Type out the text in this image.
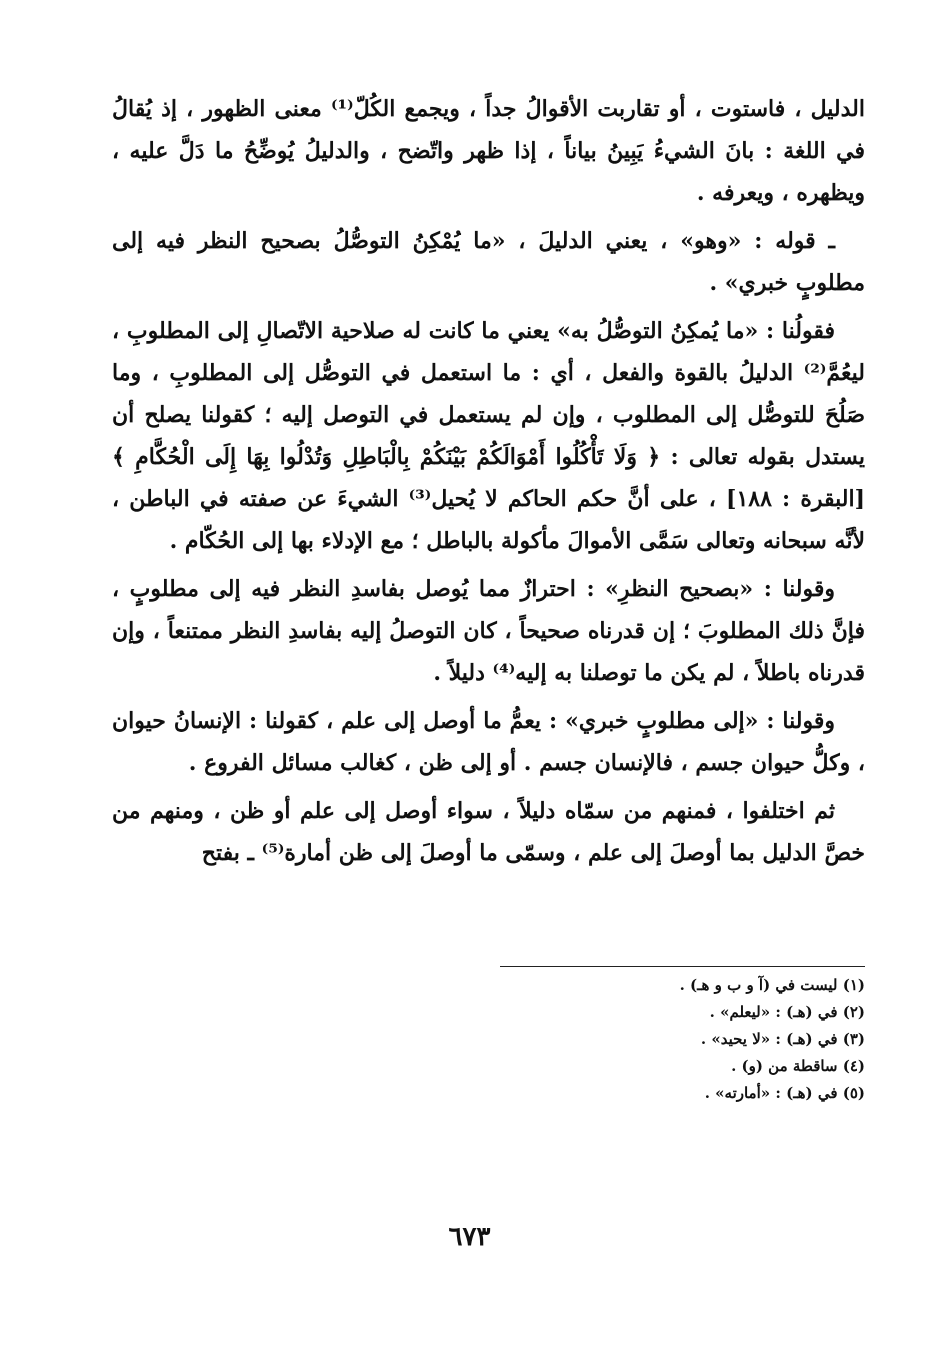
الدليل ، فاستوت ، أو تقاربت الأقوالُ جداً ، ويجمع الكُلّ⁽¹⁾ معنى الظهور ، إذ يُقالُ في اللغة : بانَ الشيءُ يَبِينُ بياناً ، إذا ظهر واتّضح ، والدليلُ يُوضِّحُ ما دَلَّ عليه ، ويظهره ، ويعرفه .

ـ قوله : «وهو» ، يعني الدليلَ ، «ما يُمْكِنُ التوصُّلُ بصحيح النظر فيه إلى مطلوبٍ خبري» .

فقولُنا : «ما يُمكِنُ التوصُّلُ به» يعني ما كانت له صلاحية الاتّصالِ إلى المطلوبِ ، ليعُمَّ⁽²⁾ الدليلُ بالقوة والفعل ، أي : ما استعمل في التوصُّل إلى المطلوبِ ، وما صَلُحَ للتوصُّل إلى المطلوب ، وإن لم يستعمل في التوصل إليه ؛ كقولنا يصلح أن يستدل بقوله تعالى : ﴿ وَلَا تَأْكُلُوا أَمْوَالَكُمْ بَيْنَكُمْ بِالْبَاطِلِ وَتُدْلُوا بِهَا إِلَى الْحُكَّامِ ﴾ [البقرة : ١٨٨] ، على أنَّ حكم الحاكم لا يُحيل⁽³⁾ الشيءَ عن صفته في الباطن ، لأنَّه سبحانه وتعالى سَمَّى الأموالَ مأكولة بالباطل ؛ مع الإدلاء بها إلى الحُكّام .

وقولنا : «بصحيح النظرِ» : احترازٌ مما يُوصل بفاسدِ النظر فيه إلى مطلوبٍ ، فإنَّ ذلك المطلوبَ ؛ إن قدرناه صحيحاً ، كان التوصلُ إليه بفاسدِ النظر ممتنعاً ، وإن قدرناه باطلاً ، لم يكن ما توصلنا به إليه⁽⁴⁾ دليلاً .

وقولنا : «إلى مطلوبٍ خبري» : يعمُّ ما أوصل إلى علم ، كقولنا : الإنسانُ حيوان ، وكلُّ حيوان جسم ، فالإنسان جسم . أو إلى ظن ، كغالب مسائل الفروع .

ثم اختلفوا ، فمنهم من سمّاه دليلاً ، سواء أوصل إلى علم أو ظن ، ومنهم من خصَّ الدليل بما أوصلَ إلى علم ، وسمّى ما أوصلَ إلى ظن أمارة⁽⁵⁾ ـ بفتح

(١) ليست في (آ و ب و هـ) .

(٢) في (هـ) : «ليعلم» .

(٣) في (هـ) : «لا يحيد» .

(٤) ساقطة من (و) .

(٥) في (هـ) : «أمارته» .

٦٧٣
